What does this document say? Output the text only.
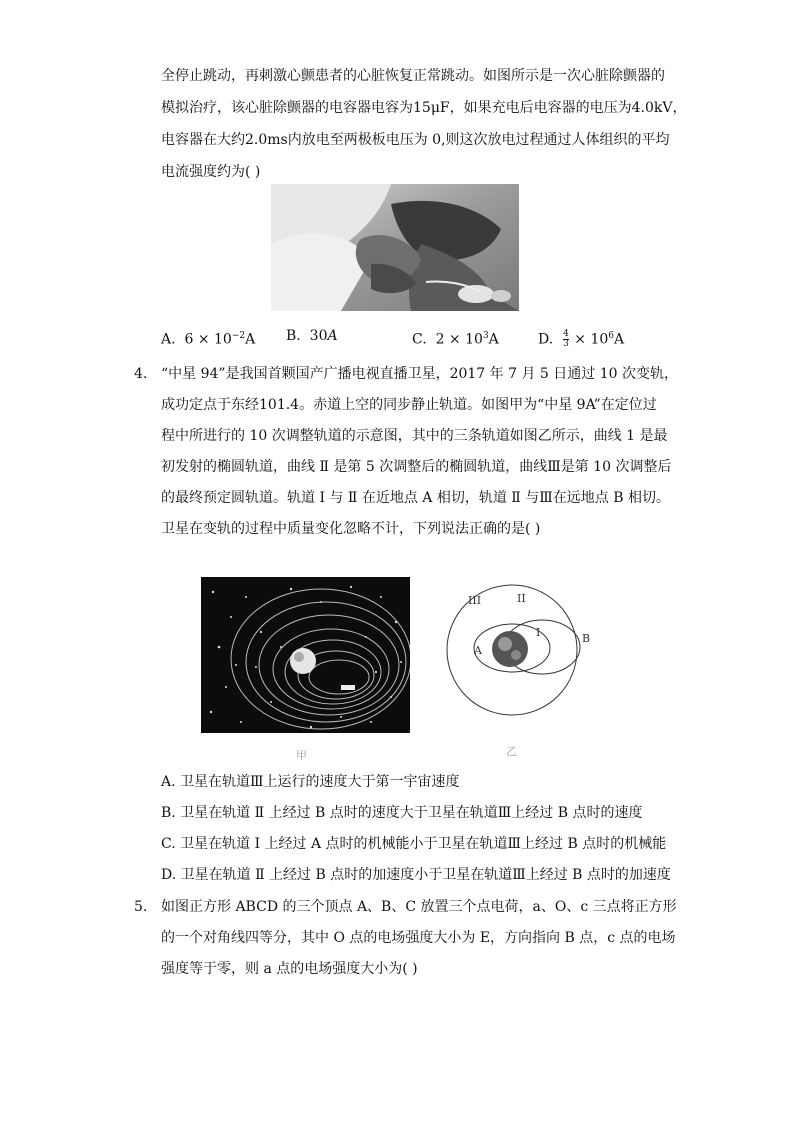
全停止跳动，再刺激心颤患者的心脏恢复正常跳动。如图所示是一次心脏除颤器的
模拟治疗，该心脏除颤器的电容器电容为15μF，如果充电后电容器的电压为4.0kV，
电容器在大约2.0ms内放电至两极板电压为 0,则这次放电过程通过人体组织的平均
电流强度约为( )
A. $6 \times 10^{-2}A$ B. 30A	C. $2 \times 10^3A$	D. $\frac{4}{3} \times 10^6A$
4. “中星 94”是我国首颗国产广播电视直播卫星，2017 年 7 月 5 日通过 10 次变轨，
成功定点于东经101.4。赤道上空的同步静止轨道。如图甲为“中星 9A”在定位过
程中所进行的 10 次调整轨道的示意图，其中的三条轨道如图乙所示，曲线 1 是最
初发射的椭圆轨道，曲线 Ⅱ 是第 5 次调整后的椭圆轨道，曲线Ⅲ是第 10 次调整后
的最终预定圆轨道。轨道 Ⅰ 与 Ⅱ 在近地点 A 相切，轨道 Ⅱ 与Ⅲ在远地点 B 相切。
卫星在变轨的过程中质量变化忽略不计，下列说法正确的是( )
甲
III	II
I
A
B
乙
A. 卫星在轨道Ⅲ上运行的速度大于第一宇宙速度
B. 卫星在轨道 Ⅱ 上经过 B 点时的速度大于卫星在轨道Ⅲ上经过 B 点时的速度
C. 卫星在轨道 Ⅰ 上经过 A 点时的机械能小于卫星在轨道Ⅲ上经过 B 点时的机械能
D. 卫星在轨道 Ⅱ 上经过 B 点时的加速度小于卫星在轨道Ⅲ上经过 B 点时的加速度
5. 如图正方形 ABCD 的三个顶点 A、B、C 放置三个点电荷，a、O、c 三点将正方形
的一个对角线四等分，其中 O 点的电场强度大小为 E，方向指向 B 点，c 点的电场
强度等于零，则 a 点的电场强度大小为( )
